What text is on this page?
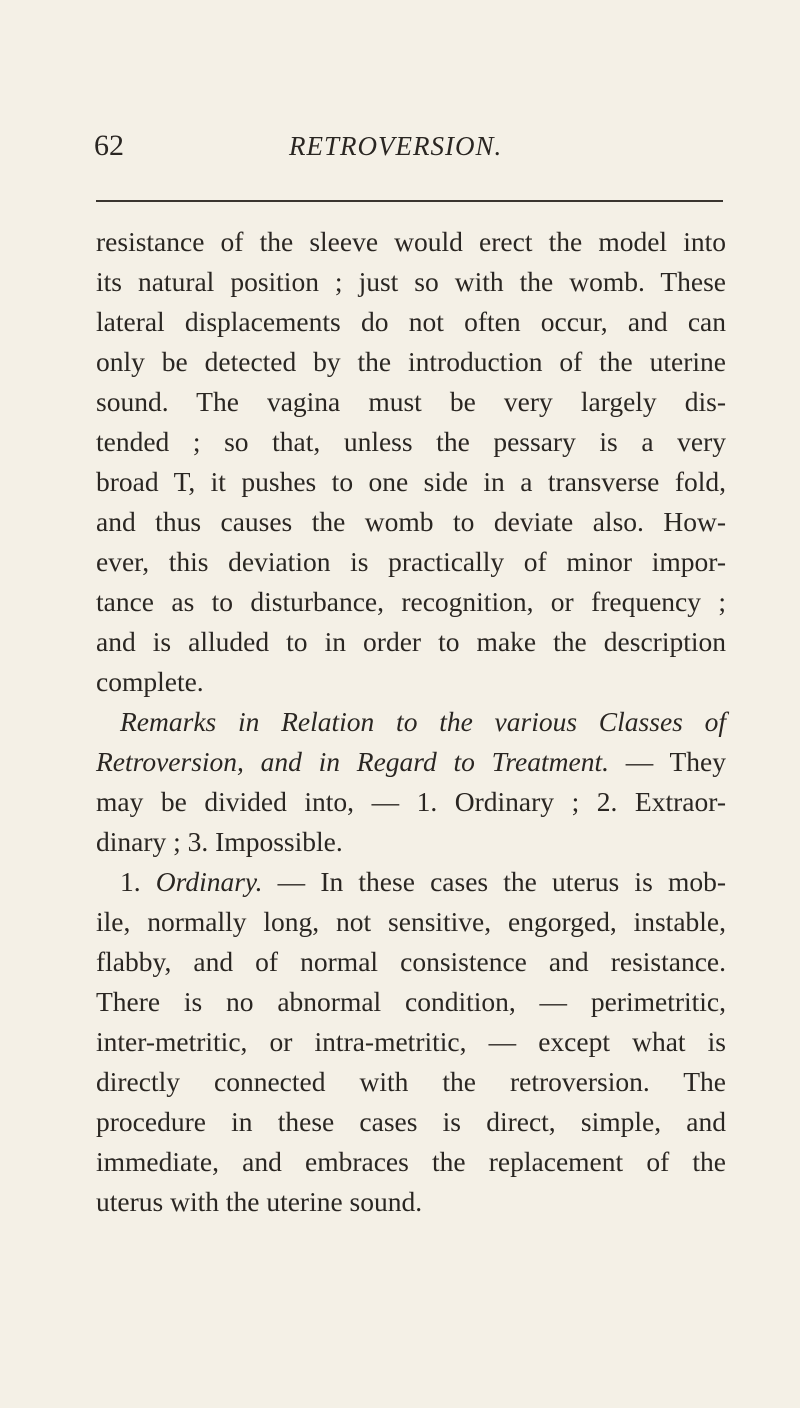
62	RETROVERSION.
resistance of the sleeve would erect the model into
its natural position ; just so with the womb. These
lateral displacements do not often occur, and can
only be detected by the introduction of the uterine
sound. The vagina must be very largely dis-
tended ; so that, unless the pessary is a very
broad T, it pushes to one side in a transverse fold,
and thus causes the womb to deviate also. How-
ever, this deviation is practically of minor impor-
tance as to disturbance, recognition, or frequency ;
and is alluded to in order to make the description
complete.
Remarks in Relation to the various Classes of
Retroversion, and in Regard to Treatment. — They
may be divided into, — 1. Ordinary ; 2. Extraor-
dinary ; 3. Impossible.
1. Ordinary. — In these cases the uterus is mob-
ile, normally long, not sensitive, engorged, instable,
flabby, and of normal consistence and resistance.
There is no abnormal condition, — perimetritic,
inter-metritic, or intra-metritic, — except what is
directly connected with the retroversion. The
procedure in these cases is direct, simple, and
immediate, and embraces the replacement of the
uterus with the uterine sound.
